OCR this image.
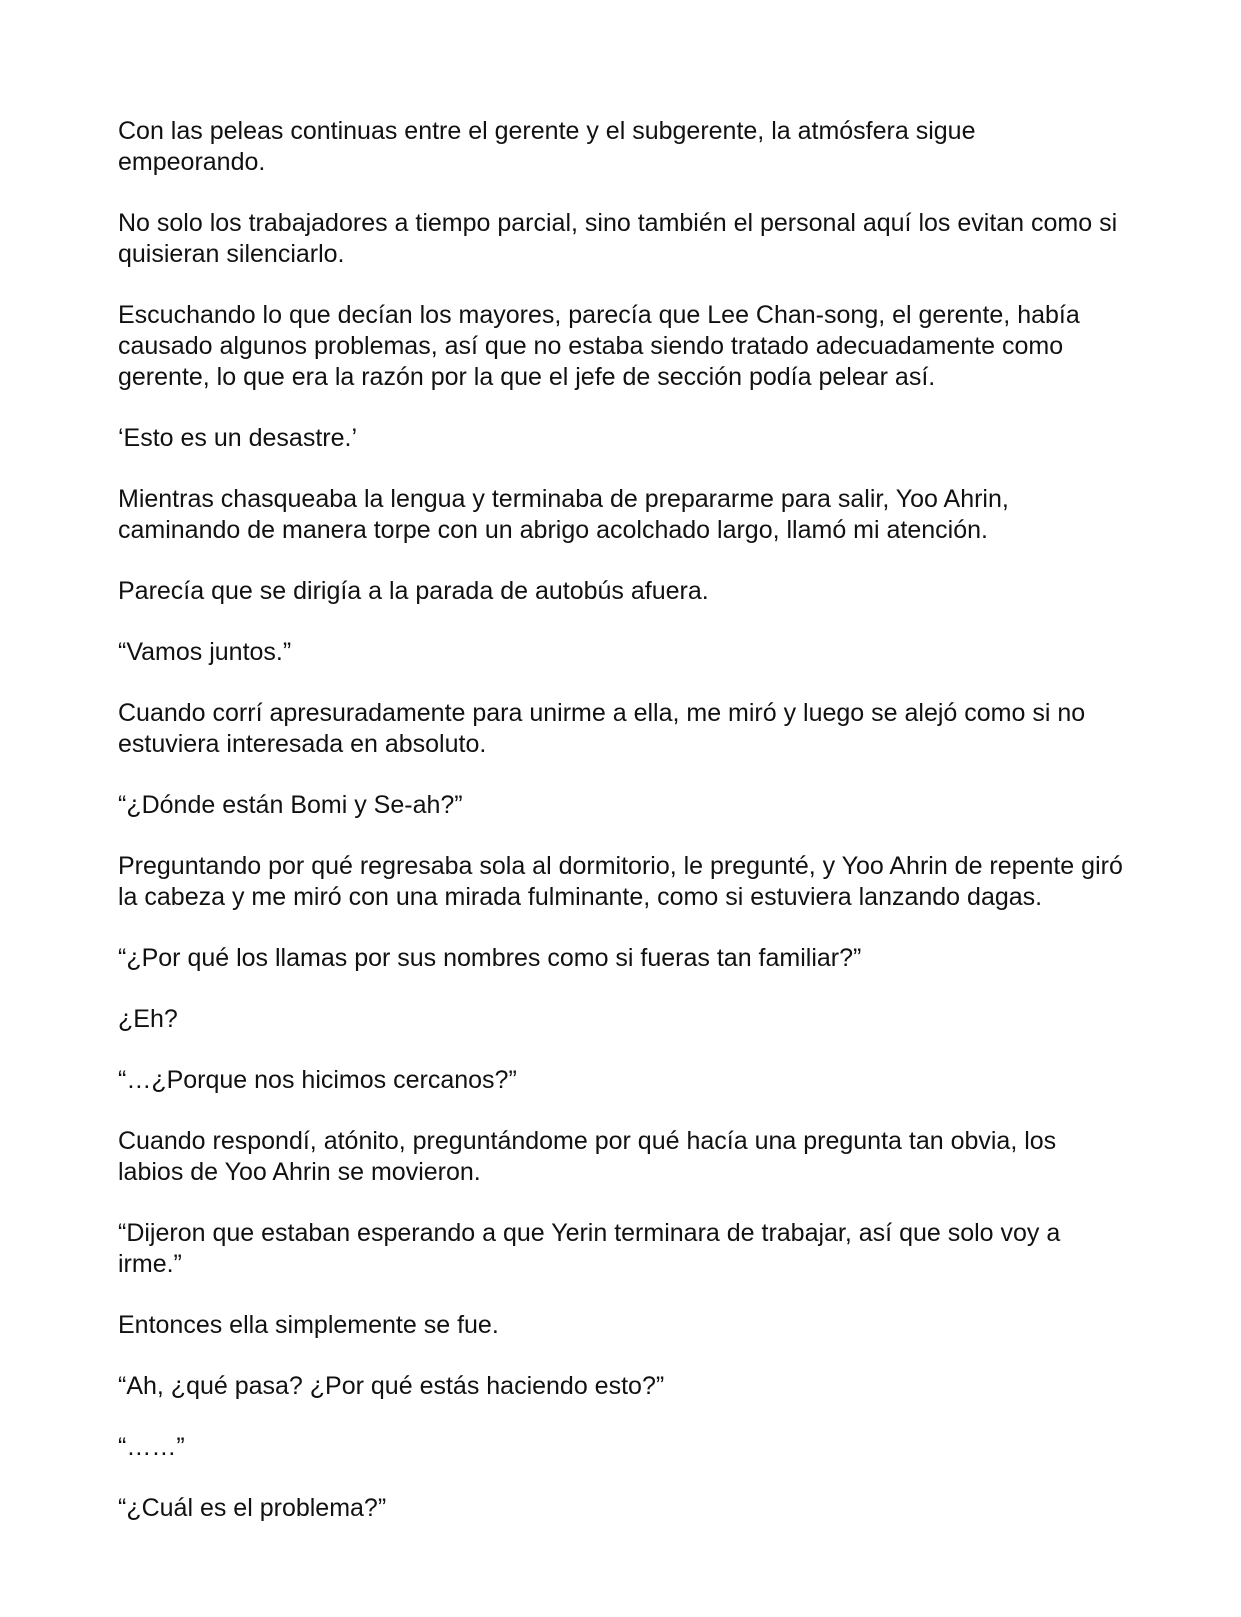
Con las peleas continuas entre el gerente y el subgerente, la atmósfera sigue empeorando.

No solo los trabajadores a tiempo parcial, sino también el personal aquí los evitan como si quisieran silenciarlo.

Escuchando lo que decían los mayores, parecía que Lee Chan-song, el gerente, había causado algunos problemas, así que no estaba siendo tratado adecuadamente como gerente, lo que era la razón por la que el jefe de sección podía pelear así.

‘Esto es un desastre.’

Mientras chasqueaba la lengua y terminaba de prepararme para salir, Yoo Ahrin, caminando de manera torpe con un abrigo acolchado largo, llamó mi atención.

Parecía que se dirigía a la parada de autobús afuera.

“Vamos juntos.”

Cuando corrí apresuradamente para unirme a ella, me miró y luego se alejó como si no estuviera interesada en absoluto.

“¿Dónde están Bomi y Se-ah?”

Preguntando por qué regresaba sola al dormitorio, le pregunté, y Yoo Ahrin de repente giró la cabeza y me miró con una mirada fulminante, como si estuviera lanzando dagas.

“¿Por qué los llamas por sus nombres como si fueras tan familiar?”

¿Eh?

“…¿Porque nos hicimos cercanos?”

Cuando respondí, atónito, preguntándome por qué hacía una pregunta tan obvia, los labios de Yoo Ahrin se movieron.

“Dijeron que estaban esperando a que Yerin terminara de trabajar, así que solo voy a irme.”

Entonces ella simplemente se fue.

“Ah, ¿qué pasa? ¿Por qué estás haciendo esto?”

“……”

“¿Cuál es el problema?”
